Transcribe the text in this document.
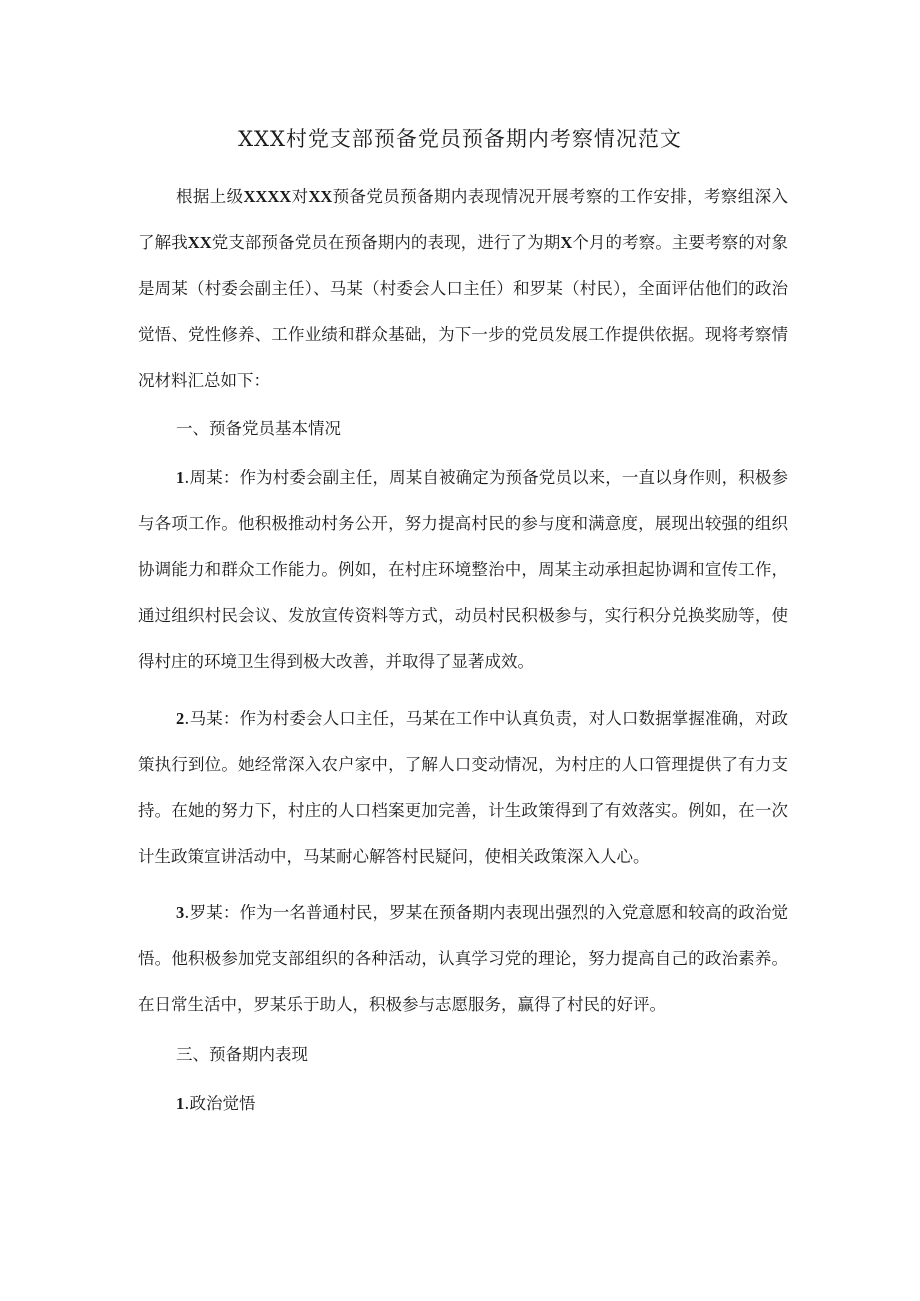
XXX村党支部预备党员预备期内考察情况范文

根据上级XXXX对XX预备党员预备期内表现情况开展考察的工作安排，考察组深入了解我XX党支部预备党员在预备期内的表现，进行了为期X个月的考察。主要考察的对象是周某（村委会副主任）、马某（村委会人口主任）和罗某（村民），全面评估他们的政治觉悟、党性修养、工作业绩和群众基础，为下一步的党员发展工作提供依据。现将考察情况材料汇总如下：

一、预备党员基本情况

1.周某：作为村委会副主任，周某自被确定为预备党员以来，一直以身作则，积极参与各项工作。他积极推动村务公开，努力提高村民的参与度和满意度，展现出较强的组织协调能力和群众工作能力。例如，在村庄环境整治中，周某主动承担起协调和宣传工作，通过组织村民会议、发放宣传资料等方式，动员村民积极参与，实行积分兑换奖励等，使得村庄的环境卫生得到极大改善，并取得了显著成效。

2.马某：作为村委会人口主任，马某在工作中认真负责，对人口数据掌握准确，对政策执行到位。她经常深入农户家中，了解人口变动情况，为村庄的人口管理提供了有力支持。在她的努力下，村庄的人口档案更加完善，计生政策得到了有效落实。例如，在一次计生政策宣讲活动中，马某耐心解答村民疑问，使相关政策深入人心。

3.罗某：作为一名普通村民，罗某在预备期内表现出强烈的入党意愿和较高的政治觉悟。他积极参加党支部组织的各种活动，认真学习党的理论，努力提高自己的政治素养。在日常生活中，罗某乐于助人，积极参与志愿服务，赢得了村民的好评。

三、预备期内表现

1.政治觉悟
